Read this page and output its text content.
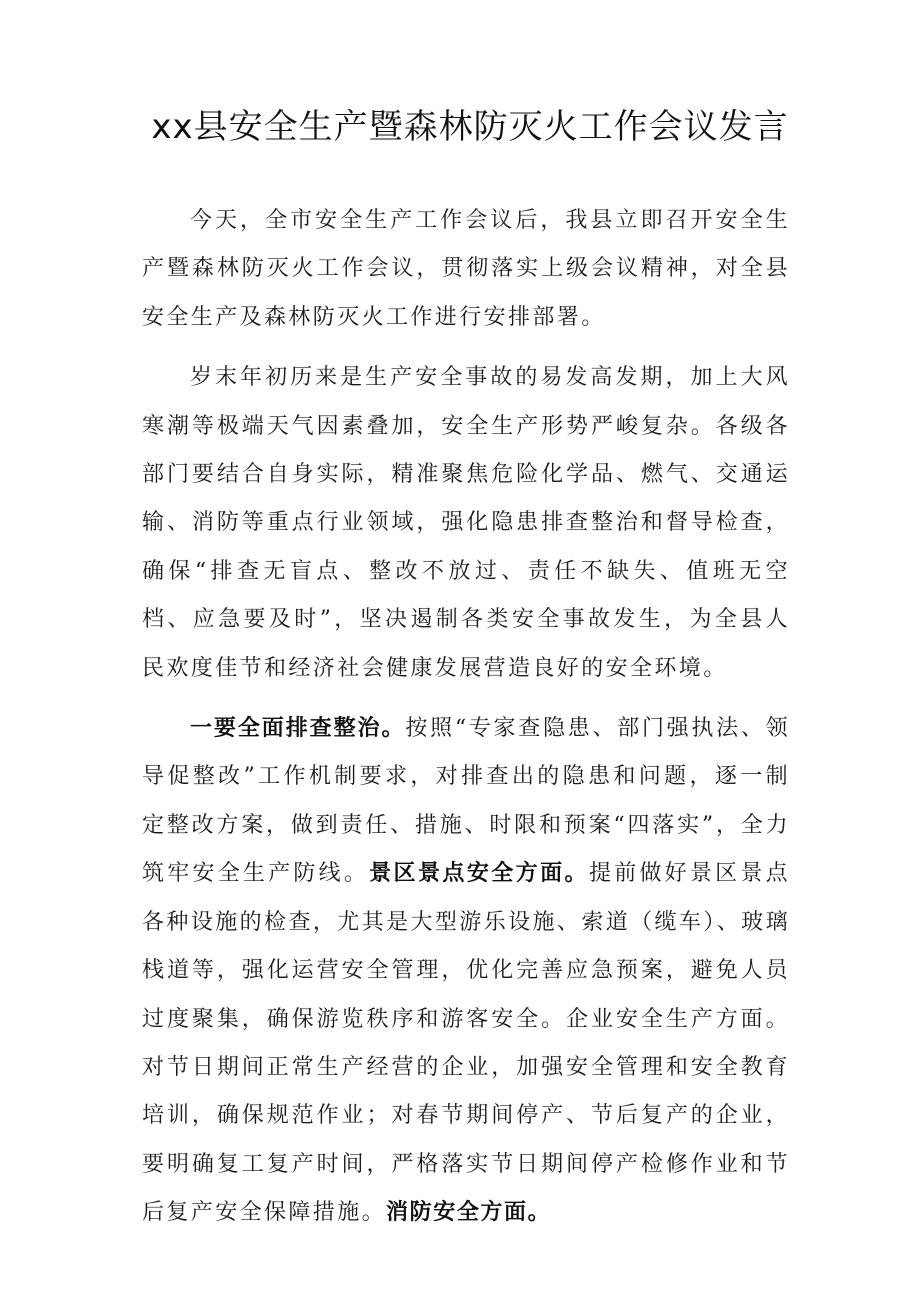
xx县安全生产暨森林防灭火工作会议发言

今天，全市安全生产工作会议后，我县立即召开安全生产暨森林防灭火工作会议，贯彻落实上级会议精神，对全县安全生产及森林防灭火工作进行安排部署。

岁末年初历来是生产安全事故的易发高发期，加上大风寒潮等极端天气因素叠加，安全生产形势严峻复杂。各级各部门要结合自身实际，精准聚焦危险化学品、燃气、交通运输、消防等重点行业领域，强化隐患排查整治和督导检查，确保“排查无盲点、整改不放过、责任不缺失、值班无空档、应急要及时”，坚决遏制各类安全事故发生，为全县人民欢度佳节和经济社会健康发展营造良好的安全环境。

一要全面排查整治。按照“专家查隐患、部门强执法、领导促整改”工作机制要求，对排查出的隐患和问题，逐一制定整改方案，做到责任、措施、时限和预案“四落实”，全力筑牢安全生产防线。景区景点安全方面。提前做好景区景点各种设施的检查，尤其是大型游乐设施、索道（缆车）、玻璃栈道等，强化运营安全管理，优化完善应急预案，避免人员过度聚集，确保游览秩序和游客安全。企业安全生产方面。对节日期间正常生产经营的企业，加强安全管理和安全教育培训，确保规范作业；对春节期间停产、节后复产的企业，要明确复工复产时间，严格落实节日期间停产检修作业和节后复产安全保障措施。消防安全方面。
